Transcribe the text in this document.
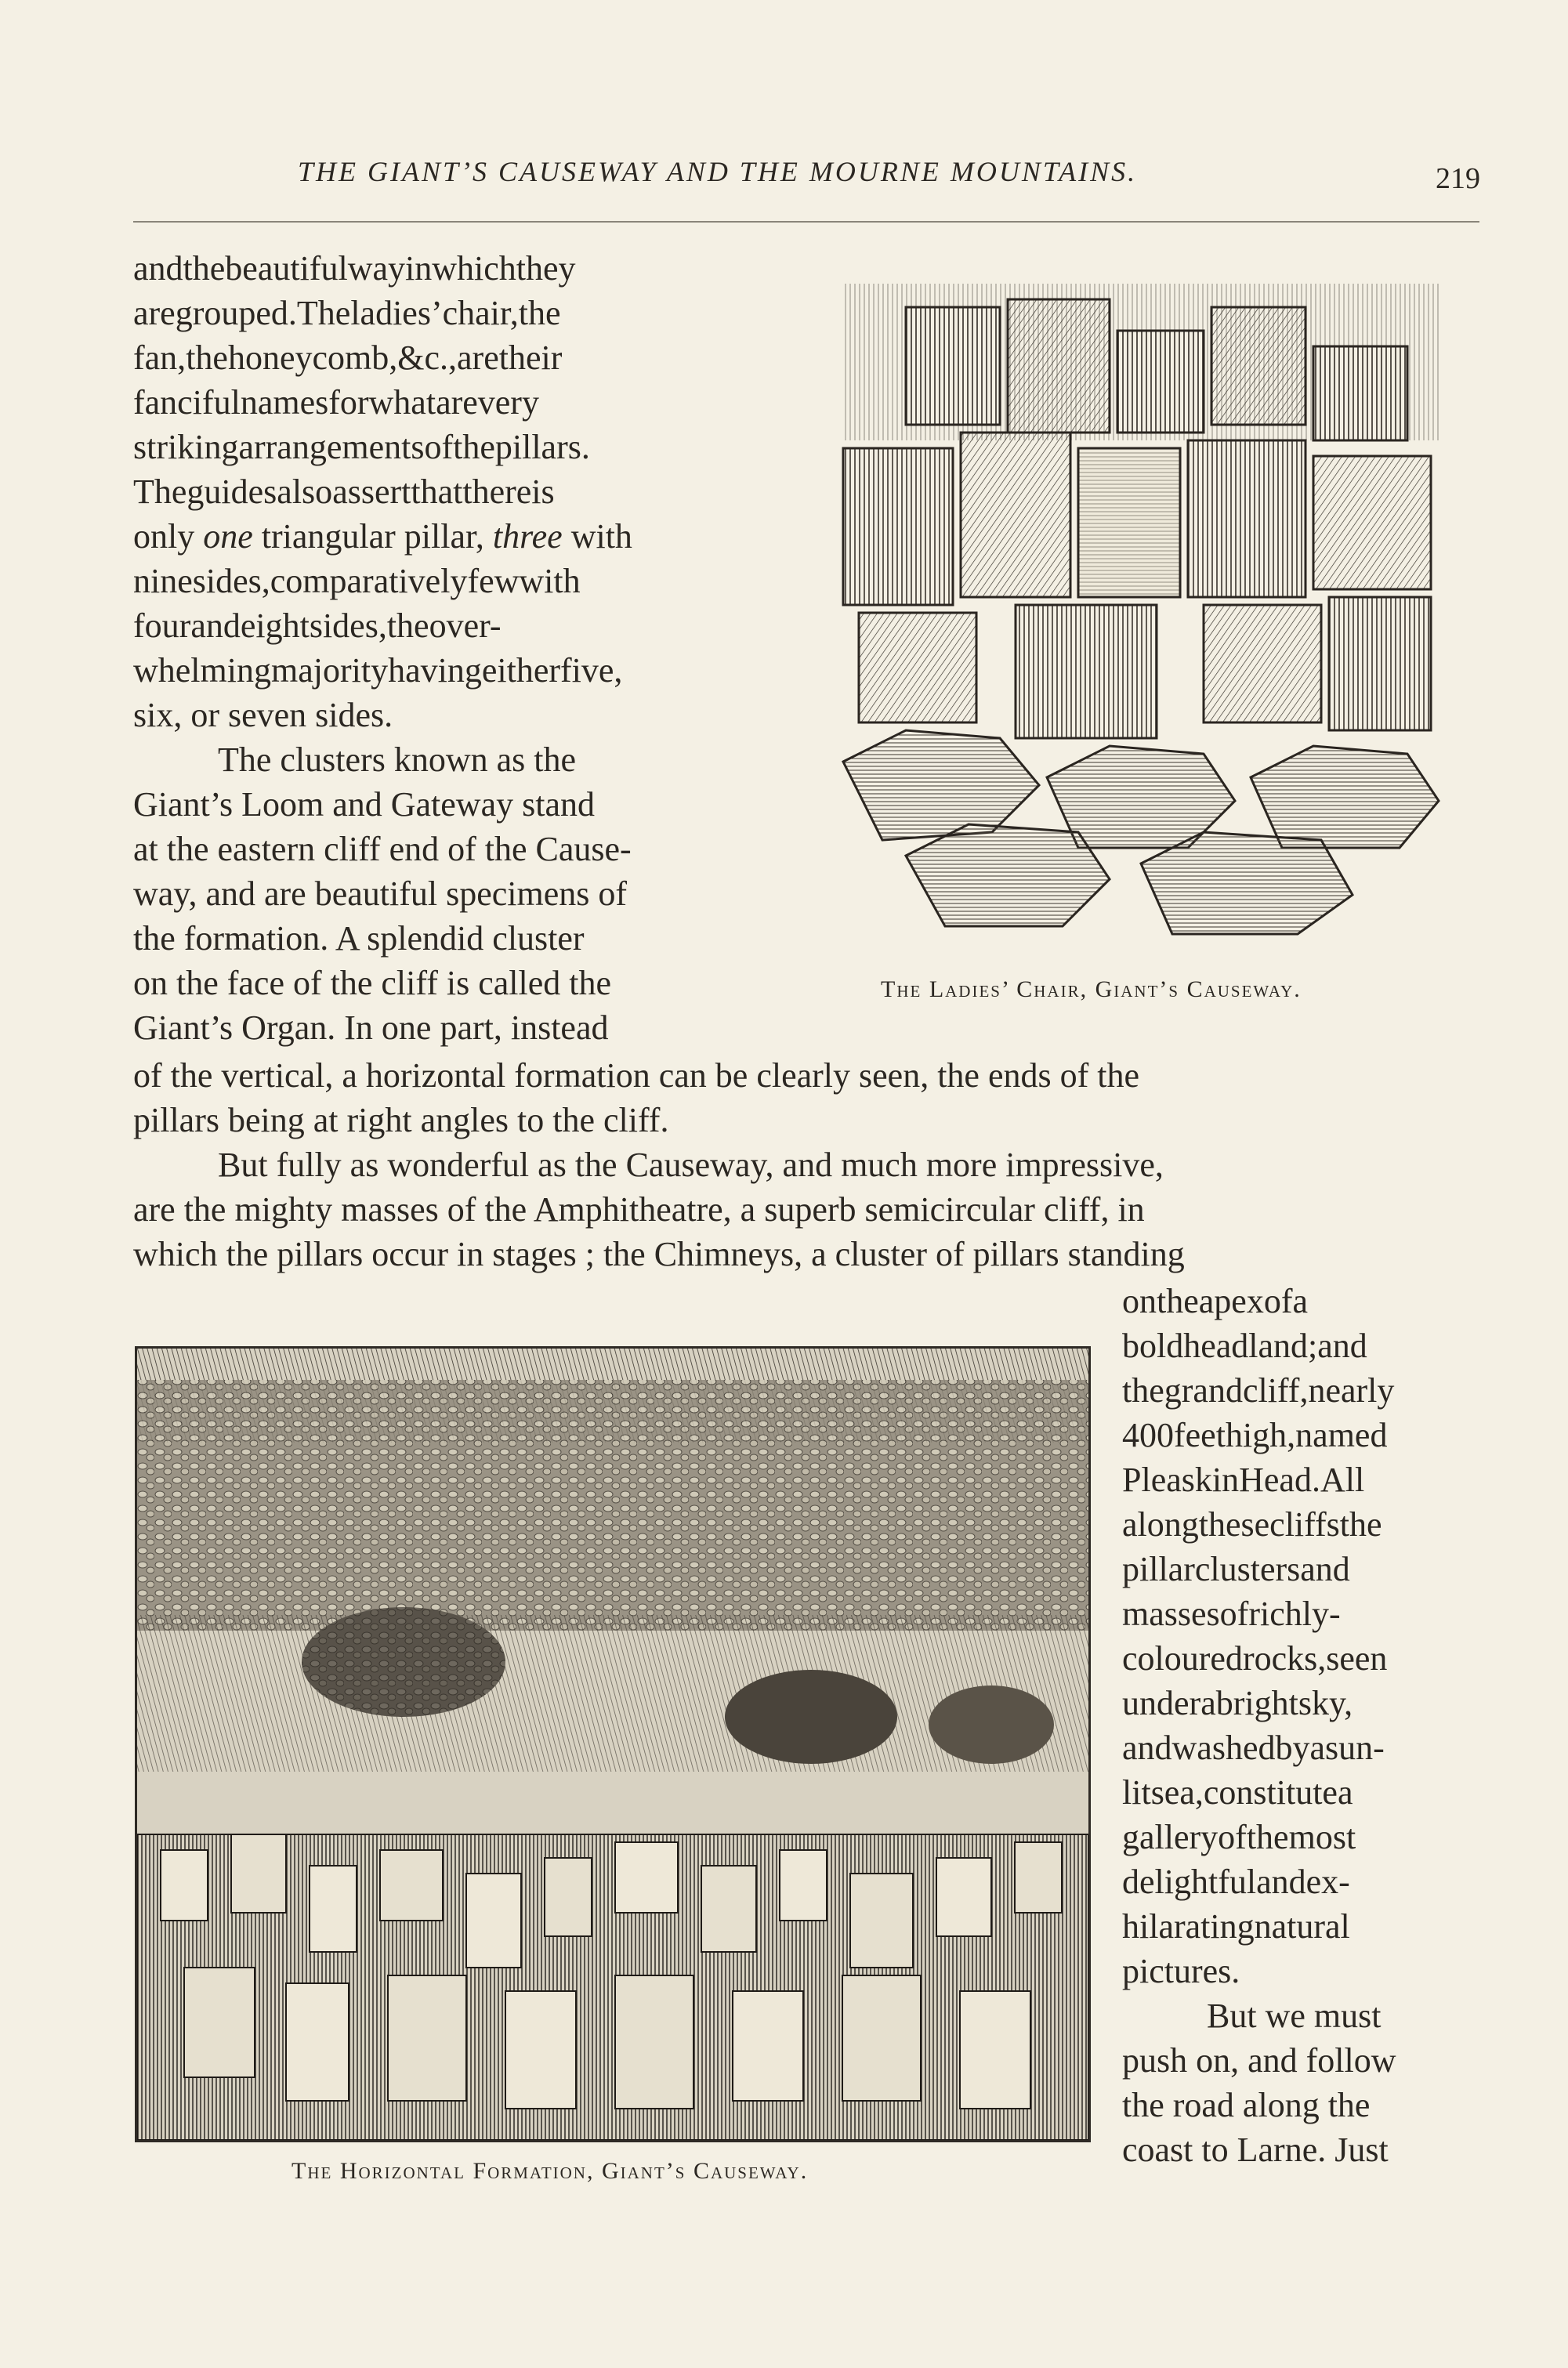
THE GIANT’S CAUSEWAY AND THE MOURNE MOUNTAINS.	219
andthebeautifulwayinwhichthey
aregrouped.Theladies’chair,the
fan,thehoneycomb,&c.,aretheir
fancifulnamesforwhatarevery
strikingarrangementsofthepillars.
Theguidesalsoassertthatthereis
only one triangular pillar, three with
ninesides,comparativelyfewwith
fourandeightsides,theover-
whelmingmajorityhavingeitherfive,
six, or seven sides.
The clusters known as the
Giant’s Loom and Gateway stand
at the eastern cliff end of the Cause-
way, and are beautiful specimens of
the formation. A splendid cluster
on the face of the cliff is called the
Giant’s Organ. In one part, instead
The Ladies’ Chair, Giant’s Causeway.
of the vertical, a horizontal formation can be clearly seen, the ends of the
pillars being at right angles to the cliff.
But fully as wonderful as the Causeway, and much more impressive,
are the mighty masses of the Amphitheatre, a superb semicircular cliff, in
which the pillars occur in stages ; the Chimneys, a cluster of pillars standing
The Horizontal Formation, Giant’s Causeway.
ontheapexofa
boldheadland;and
thegrandcliff,nearly
400feethigh,named
PleaskinHead.All
alongthesecliffsthe
pillarclustersand
massesofrichly-
colouredrocks,seen
underabrightsky,
andwashedbyasun-
litsea,constitutea
galleryofthemost
delightfulandex-
hilaratingnatural
pictures.
But we must
push on, and follow
the road along the
coast to Larne. Just
